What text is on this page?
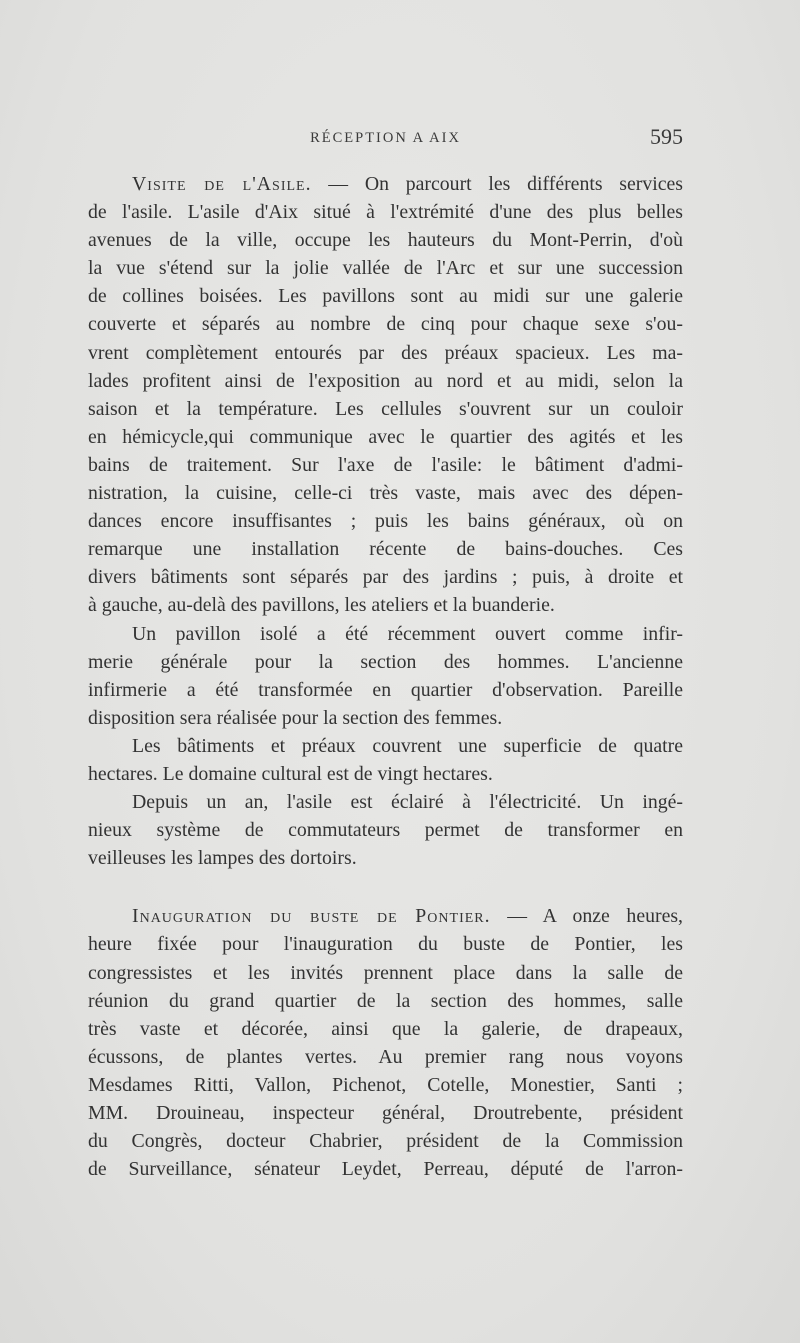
RÉCEPTION A AIX	595
Visite de l'Asile. — On parcourt les différents services
de l'asile. L'asile d'Aix situé à l'extrémité d'une des plus belles
avenues de la ville, occupe les hauteurs du Mont-Perrin, d'où
la vue s'étend sur la jolie vallée de l'Arc et sur une succession
de collines boisées. Les pavillons sont au midi sur une galerie
couverte et séparés au nombre de cinq pour chaque sexe s'ou-
vrent complètement entourés par des préaux spacieux. Les ma-
lades profitent ainsi de l'exposition au nord et au midi, selon la
saison et la température. Les cellules s'ouvrent sur un couloir
en hémicycle,qui communique avec le quartier des agités et les
bains de traitement. Sur l'axe de l'asile: le bâtiment d'admi-
nistration, la cuisine, celle-ci très vaste, mais avec des dépen-
dances encore insuffisantes ; puis les bains généraux, où on
remarque une installation récente de bains-douches. Ces
divers bâtiments sont séparés par des jardins ; puis, à droite et
à gauche, au-delà des pavillons, les ateliers et la buanderie.
Un pavillon isolé a été récemment ouvert comme infir-
merie générale pour la section des hommes. L'ancienne
infirmerie a été transformée en quartier d'observation. Pareille
disposition sera réalisée pour la section des femmes.
Les bâtiments et préaux couvrent une superficie de quatre
hectares. Le domaine cultural est de vingt hectares.
Depuis un an, l'asile est éclairé à l'électricité. Un ingé-
nieux système de commutateurs permet de transformer en
veilleuses les lampes des dortoirs.
Inauguration du buste de Pontier. — A onze heures,
heure fixée pour l'inauguration du buste de Pontier, les
congressistes et les invités prennent place dans la salle de
réunion du grand quartier de la section des hommes, salle
très vaste et décorée, ainsi que la galerie, de drapeaux,
écussons, de plantes vertes. Au premier rang nous voyons
Mesdames Ritti, Vallon, Pichenot, Cotelle, Monestier, Santi ;
MM. Drouineau, inspecteur général, Droutrebente, président
du Congrès, docteur Chabrier, président de la Commission
de Surveillance, sénateur Leydet, Perreau, député de l'arron-
